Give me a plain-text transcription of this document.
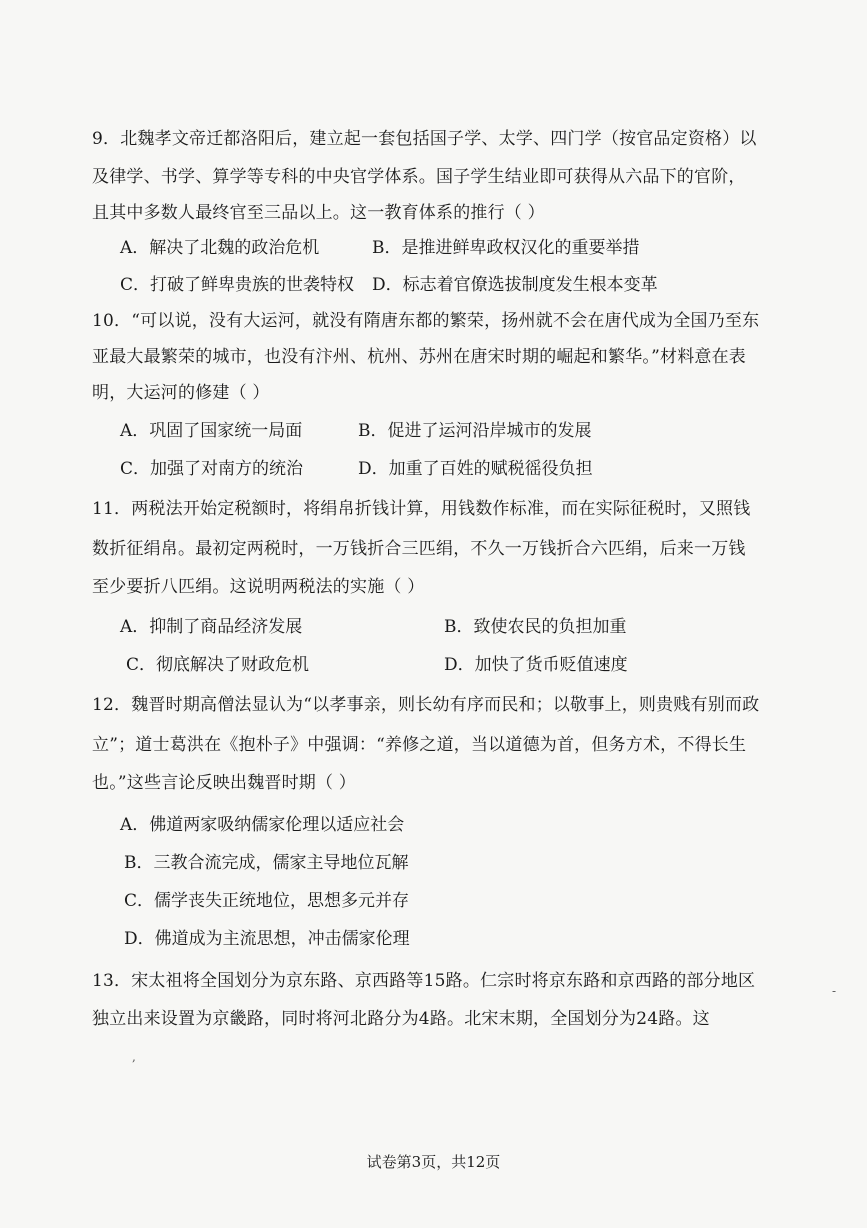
9．北魏孝文帝迁都洛阳后，建立起一套包括国子学、太学、四门学（按官品定资格）以
及律学、书学、算学等专科的中央官学体系。国子学生结业即可获得从六品下的官阶，
且其中多数人最终官至三品以上。这一教育体系的推行（ ）
A．解决了北魏的政治危机	B．是推进鲜卑政权汉化的重要举措
C．打破了鲜卑贵族的世袭特权 D．标志着官僚选拔制度发生根本变革
10．“可以说，没有大运河，就没有隋唐东都的繁荣，扬州就不会在唐代成为全国乃至东
亚最大最繁荣的城市，也没有汴州、杭州、苏州在唐宋时期的崛起和繁华。”材料意在表
明，大运河的修建（ ）
A．巩固了国家统一局面	B．促进了运河沿岸城市的发展
C．加强了对南方的统治	D．加重了百姓的赋税徭役负担
11．两税法开始定税额时，将绢帛折钱计算，用钱数作标准，而在实际征税时，又照钱
数折征绢帛。最初定两税时，一万钱折合三匹绢，不久一万钱折合六匹绢，后来一万钱
至少要折八匹绢。这说明两税法的实施（ ）
A．抑制了商品经济发展	B．致使农民的负担加重
C．彻底解决了财政危机	D．加快了货币贬值速度
12．魏晋时期高僧法显认为“以孝事亲，则长幼有序而民和；以敬事上，则贵贱有别而政
立”；道士葛洪在《抱朴子》中强调：“养修之道，当以道德为首，但务方术，不得长生
也。”这些言论反映出魏晋时期（ ）
A．佛道两家吸纳儒家伦理以适应社会
B．三教合流完成，儒家主导地位瓦解
C．儒学丧失正统地位，思想多元并存
D．佛道成为主流思想，冲击儒家伦理
13．宋太祖将全国划分为京东路、京西路等15路。仁宗时将京东路和京西路的部分地区
独立出来设置为京畿路，同时将河北路分为4路。北宋末期，全国划分为24路。这
,
-
试卷第3页，共12页
